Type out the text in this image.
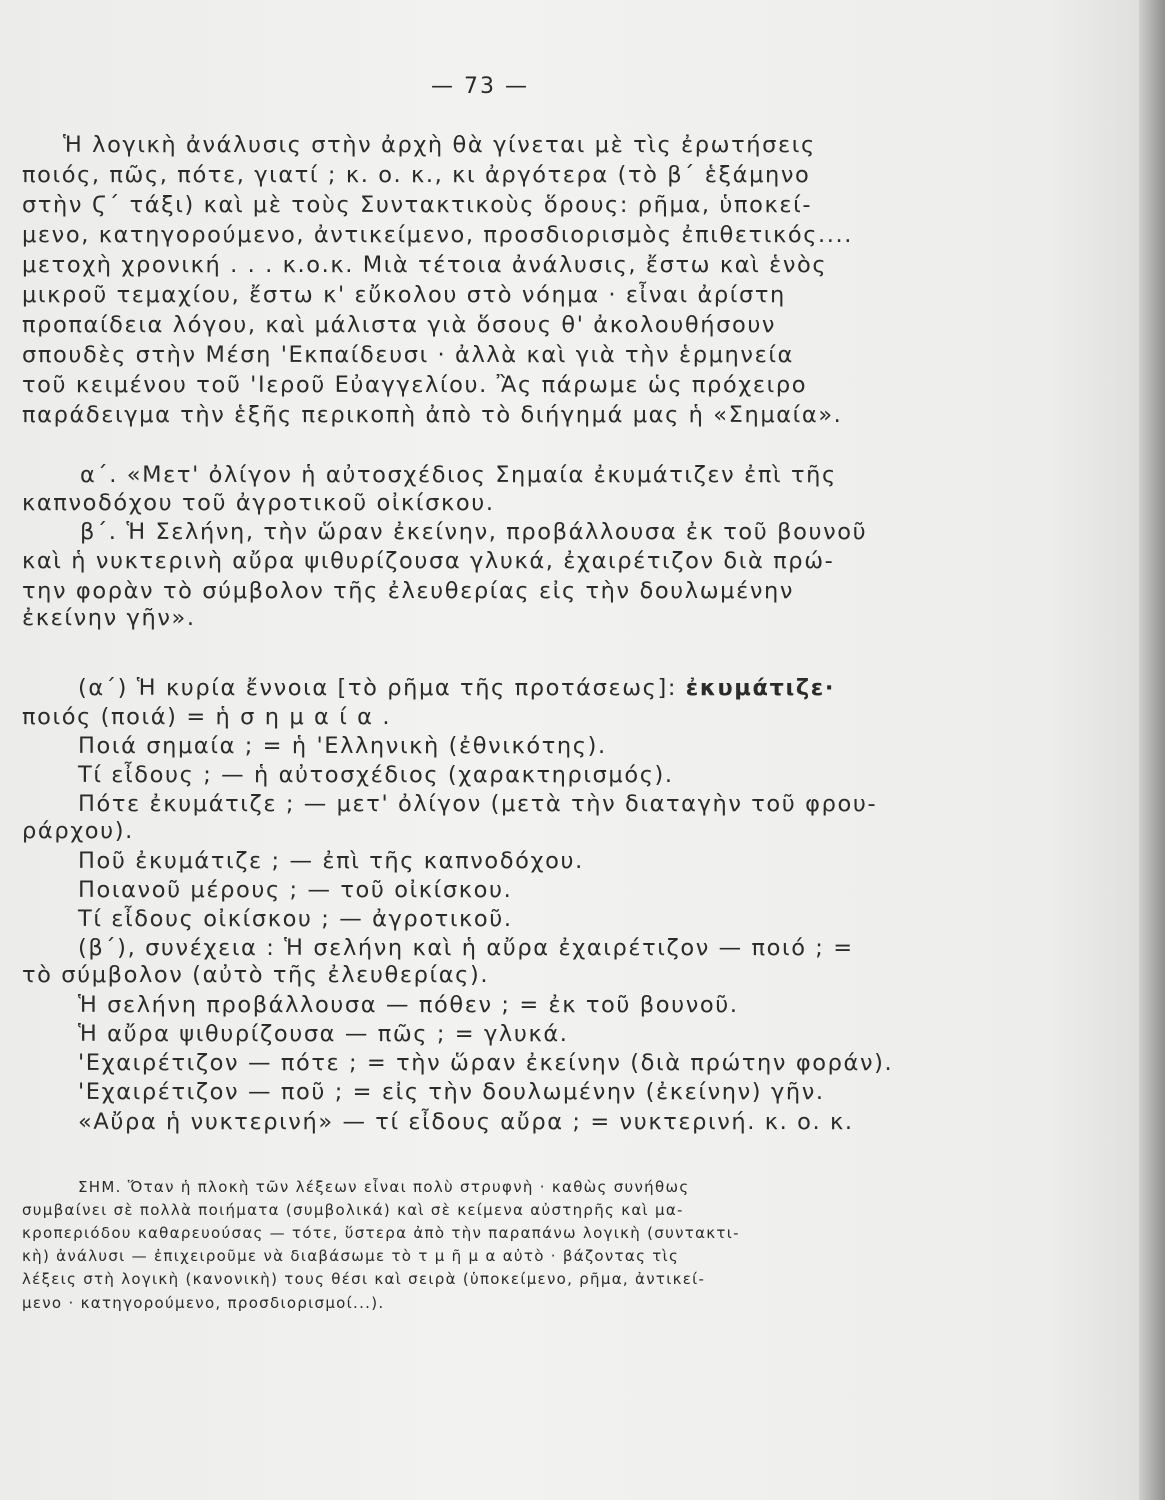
— 73 —
Ἡ λογικὴ ἀνάλυσις στὴν ἀρχὴ θὰ γίνεται μὲ τὶς ἐρωτήσεις
ποιός, πῶς, πότε, γιατί ; κ. ο. κ., κι ἀργότερα (τὸ β΄ ἑξάμηνο
στὴν Ϛ΄ τάξι) καὶ μὲ τοὺς Συντακτικοὺς ὅρους: ρῆμα, ὑποκεί-
μενο, κατηγορούμενο, ἀντικείμενο, προσδιορισμὸς ἐπιθετικός....
μετοχὴ χρονική . . . κ.ο.κ. Μιὰ τέτοια ἀνάλυσις, ἔστω καὶ ἑνὸς
μικροῦ τεμαχίου, ἔστω κ' εὔκολου στὸ νόημα · εἶναι ἀρίστη
προπαίδεια λόγου, καὶ μάλιστα γιὰ ὅσους θ' ἀκολουθήσουν
σπουδὲς στὴν Μέση 'Εκπαίδευσι · ἀλλὰ καὶ γιὰ τὴν ἑρμηνεία
τοῦ κειμένου τοῦ 'Ιεροῦ Εὐαγγελίου. Ἂς πάρωμε ὡς πρόχειρο
παράδειγμα τὴν ἑξῆς περικοπὴ ἀπὸ τὸ διήγημά μας ἡ «Σημαία».
α΄. «Μετ' ὀλίγον ἡ αὐτοσχέδιος Σημαία ἐκυμάτιζεν ἐπὶ τῆς
καπνοδόχου τοῦ ἀγροτικοῦ οἰκίσκου.
β΄. Ἡ Σελήνη, τὴν ὥραν ἐκείνην, προβάλλουσα ἐκ τοῦ βουνοῦ
καὶ ἡ νυκτερινὴ αὔρα ψιθυρίζουσα γλυκά, ἐχαιρέτιζον διὰ πρώ-
την φορὰν τὸ σύμβολον τῆς ἐλευθερίας εἰς τὴν δουλωμένην
ἐκείνην γῆν».
(α΄) Ἡ κυρία ἔννοια [τὸ ρῆμα τῆς προτάσεως]: ἐκυμάτιζε·
ποιός (ποιά) = ἡ σ η μ α ί α .
Ποιά σημαία ; = ἡ 'Ελληνικὴ (ἐθνικότης).
Τί εἶδους ; — ἡ αὐτοσχέδιος (χαρακτηρισμός).
Πότε ἐκυμάτιζε ; — μετ' ὀλίγον (μετὰ τὴν διαταγὴν τοῦ φρου-
ράρχου).
Ποῦ ἐκυμάτιζε ; — ἐπὶ τῆς καπνοδόχου.
Ποιανοῦ μέρους ; — τοῦ οἰκίσκου.
Τί εἶδους οἰκίσκου ; — ἀγροτικοῦ.
(β΄), συνέχεια : Ἡ σελήνη καὶ ἡ αὔρα ἐχαιρέτιζον — ποιό ; =
τὸ σύμβολον (αὐτὸ τῆς ἐλευθερίας).
Ἡ σελήνη προβάλλουσα — πόθεν ; = ἐκ τοῦ βουνοῦ.
Ἡ αὔρα ψιθυρίζουσα — πῶς ; = γλυκά.
'Εχαιρέτιζον — πότε ; = τὴν ὥραν ἐκείνην (διὰ πρώτην φοράν).
'Εχαιρέτιζον — ποῦ ; = εἰς τὴν δουλωμένην (ἐκείνην) γῆν.
«Αὔρα ἡ νυκτερινή» — τί εἶδους αὔρα ; = νυκτερινή. κ. ο. κ.
ΣΗΜ. Ὅταν ἡ πλοκὴ τῶν λέξεων εἶναι πολὺ στρυφνὴ · καθὼς συνήθως
συμβαίνει σὲ πολλὰ ποιήματα (συμβολικά) καὶ σὲ κείμενα αὐστηρῆς καὶ μα-
κροπεριόδου καθαρευούσας — τότε, ὕστερα ἀπὸ τὴν παραπάνω λογικὴ (συντακτι-
κὴ) ἀνάλυσι — ἐπιχειροῦμε νὰ διαβάσωμε τὸ τ μ ῆ μ α αὐτὸ · βάζοντας τὶς
λέξεις στὴ λογικὴ (κανονικὴ) τους θέσι καὶ σειρὰ (ὑποκείμενο, ρῆμα, ἀντικεί-
μενο · κατηγορούμενο, προσδιορισμοί...).
